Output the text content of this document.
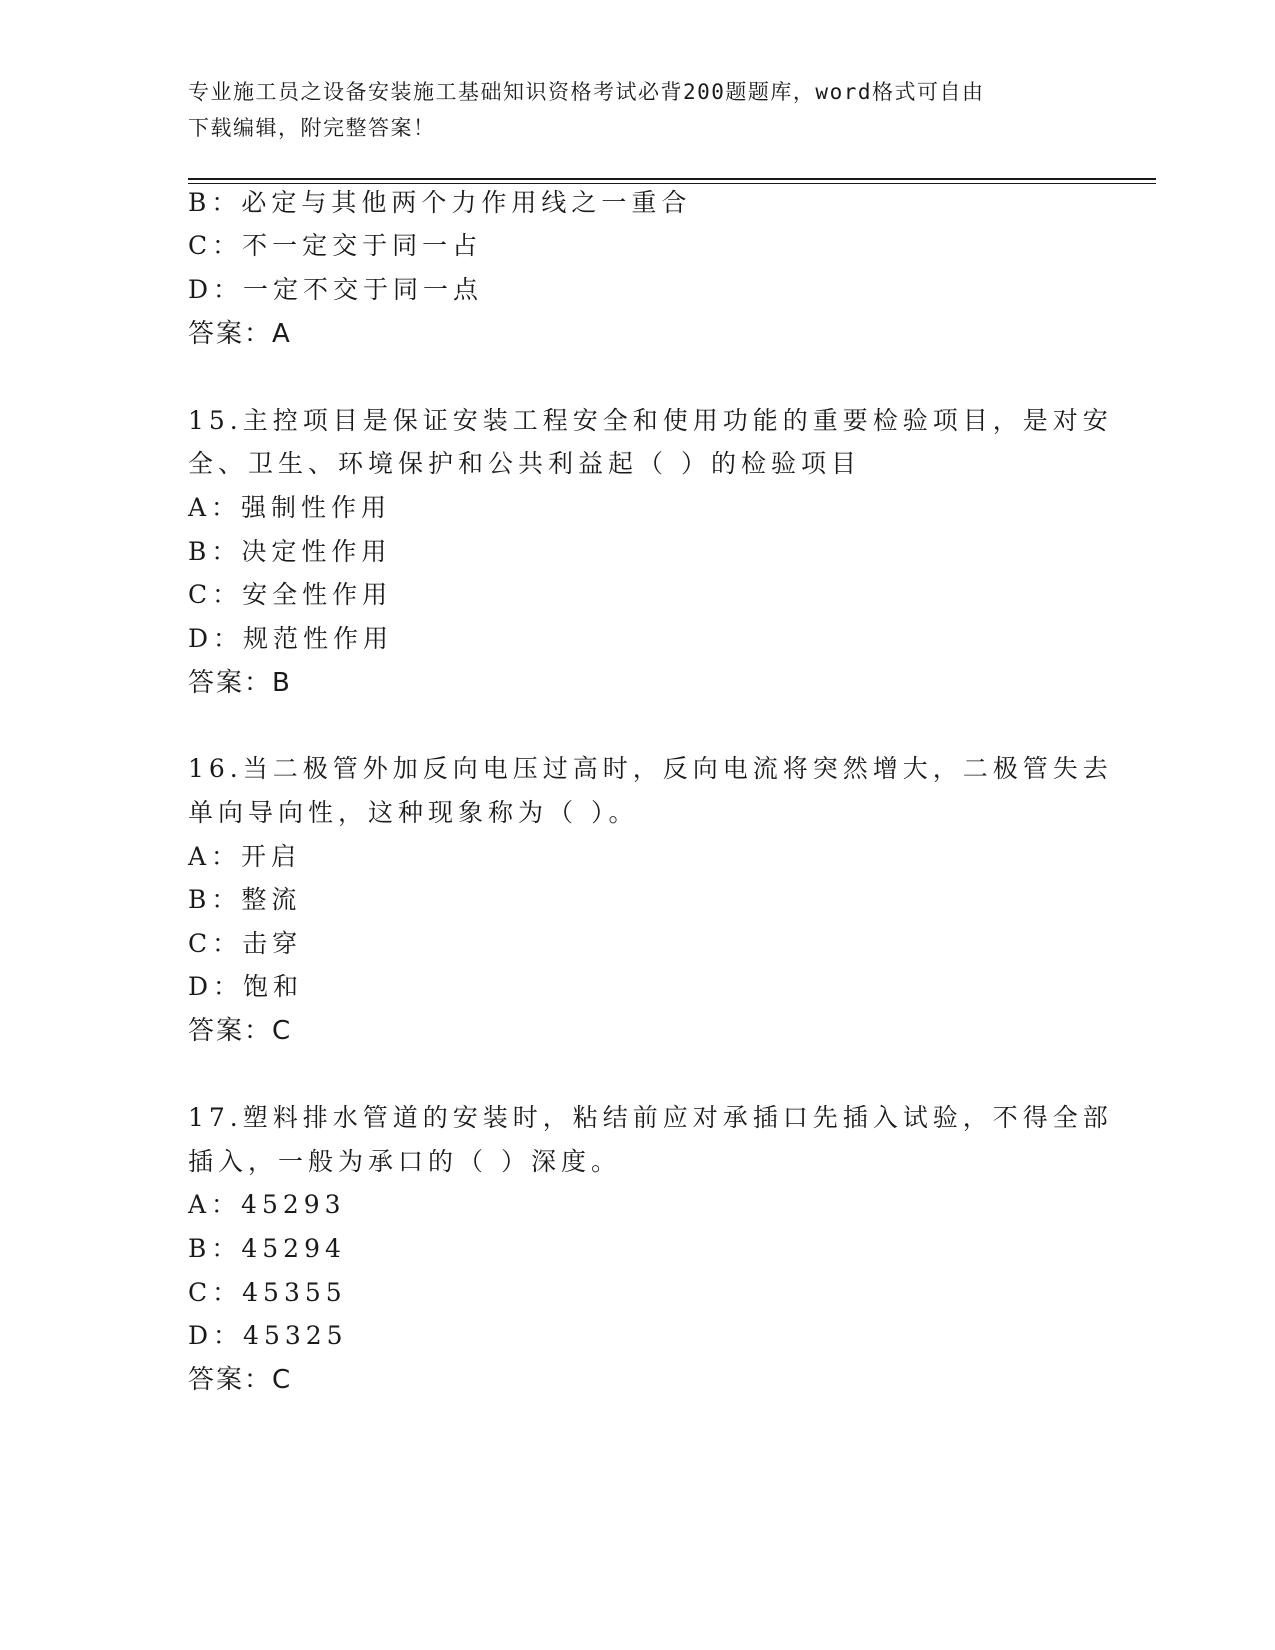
专业施工员之设备安装施工基础知识资格考试必背200题题库，word格式可自由
下载编辑，附完整答案！
B：必定与其他两个力作用线之一重合
C：不一定交于同一占
D：一定不交于同一点
答案：A
15.主控项目是保证安装工程安全和使用功能的重要检验项目，是对安
全、卫生、环境保护和公共利益起（ ）的检验项目
A：强制性作用
B：决定性作用
C：安全性作用
D：规范性作用
答案：B
16.当二极管外加反向电压过高时，反向电流将突然增大，二极管失去
单向导向性，这种现象称为（ ）。
A：开启
B：整流
C：击穿
D：饱和
答案：C
17.塑料排水管道的安装时，粘结前应对承插口先插入试验，不得全部
插入，一般为承口的（ ）深度。
A：45293
B：45294
C：45355
D：45325
答案：C
